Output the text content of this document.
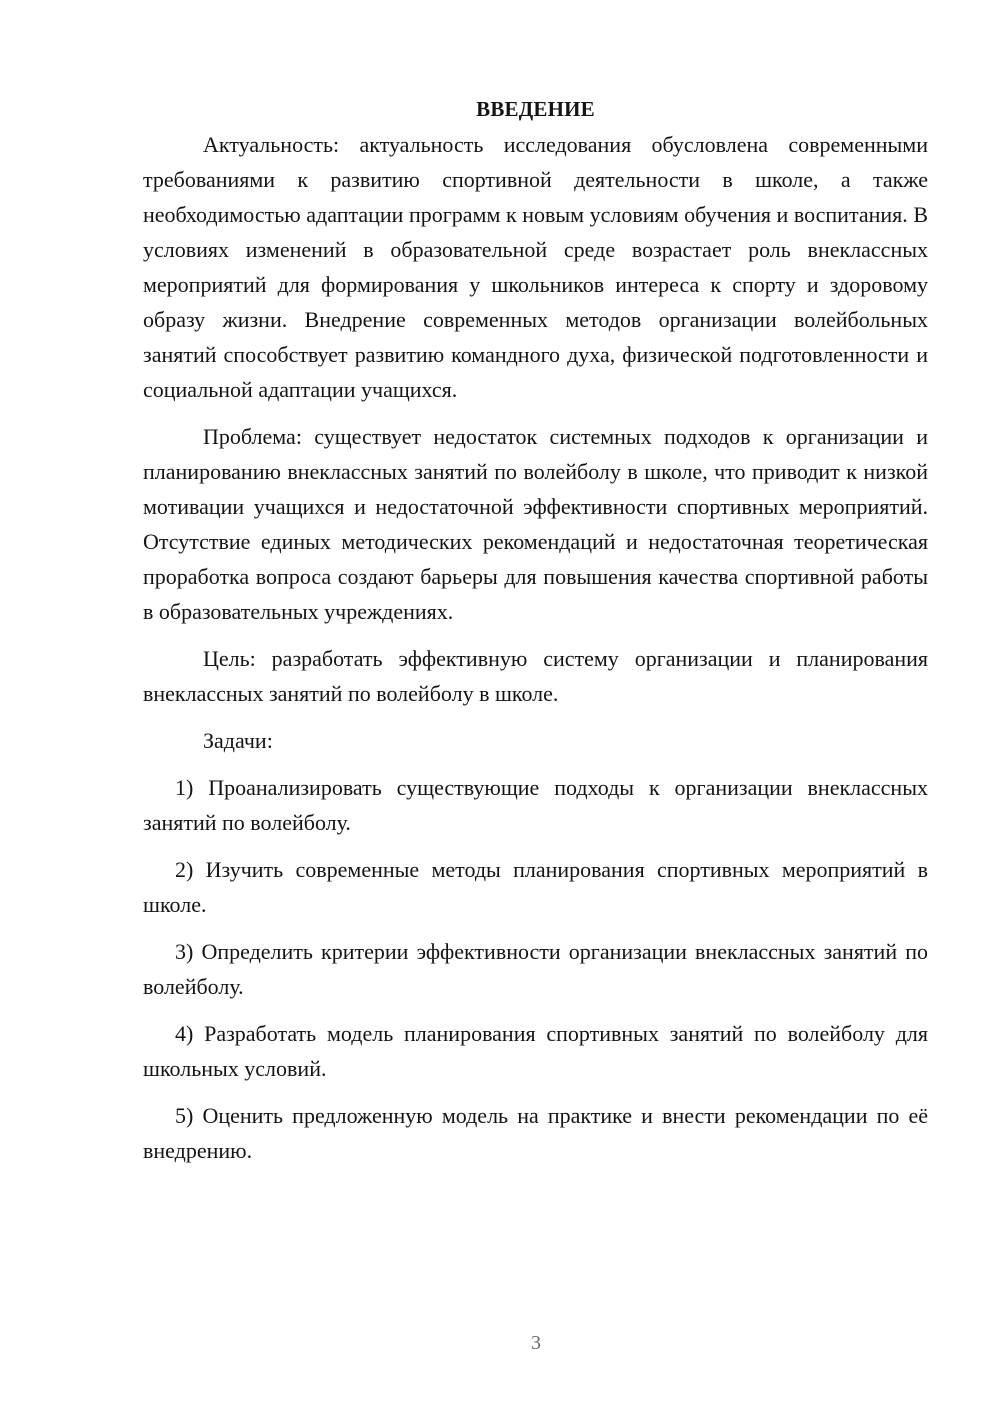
ВВЕДЕНИЕ

Актуальность: актуальность исследования обусловлена современными требованиями к развитию спортивной деятельности в школе, а также необходимостью адаптации программ к новым условиям обучения и воспитания. В условиях изменений в образовательной среде возрастает роль внеклассных мероприятий для формирования у школьников интереса к спорту и здоровому образу жизни. Внедрение современных методов организации волейбольных занятий способствует развитию командного духа, физической подготовленности и социальной адаптации учащихся.

Проблема: существует недостаток системных подходов к организации и планированию внеклассных занятий по волейболу в школе, что приводит к низкой мотивации учащихся и недостаточной эффективности спортивных мероприятий. Отсутствие единых методических рекомендаций и недостаточная теоретическая проработка вопроса создают барьеры для повышения качества спортивной работы в образовательных учреждениях.

Цель: разработать эффективную систему организации и планирования внеклассных занятий по волейболу в школе.

Задачи:

1) Проанализировать существующие подходы к организации внеклассных занятий по волейболу.

2) Изучить современные методы планирования спортивных мероприятий в школе.

3) Определить критерии эффективности организации внеклассных занятий по волейболу.

4) Разработать модель планирования спортивных занятий по волейболу для школьных условий.

5) Оценить предложенную модель на практике и внести рекомендации по её внедрению.

3
